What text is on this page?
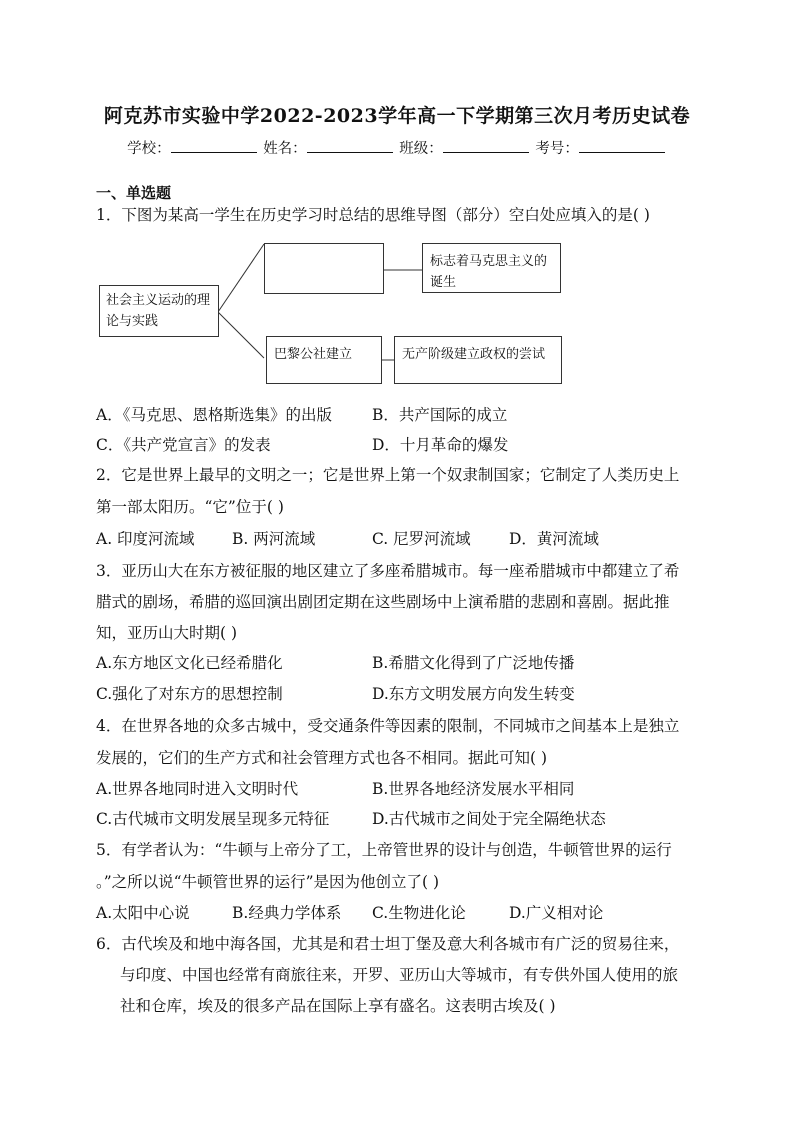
阿克苏市实验中学2022-2023学年高一下学期第三次月考历史试卷
学校：	姓名：	班级：	考号：
一、单选题
1．下图为某高一学生在历史学习时总结的思维导图（部分）空白处应填入的是( )
社会主义运动的理论与实践
标志着马克思主义的诞生
巴黎公社建立	无产阶级建立政权的尝试
A．《马克思、恩格斯选集》的出版	B．共产国际的成立
C．《共产党宣言》的发表	D．十月革命的爆发
2．它是世界上最早的文明之一；它是世界上第一个奴隶制国家；它制定了人类历史上
第一部太阳历。“它”位于( )
A. 印度河流域 B. 两河流域	C. 尼罗河流域 D．黄河流域
3．亚历山大在东方被征服的地区建立了多座希腊城市。每一座希腊城市中都建立了希
腊式的剧场，希腊的巡回演出剧团定期在这些剧场中上演希腊的悲剧和喜剧。据此推
知，亚历山大时期( )
A.东方地区文化已经希腊化	B.希腊文化得到了广泛地传播
C.强化了对东方的思想控制	D.东方文明发展方向发生转变
4．在世界各地的众多古城中，受交通条件等因素的限制，不同城市之间基本上是独立
发展的，它们的生产方式和社会管理方式也各不相同。据此可知( )
A.世界各地同时进入文明时代	B.世界各地经济发展水平相同
C.古代城市文明发展呈现多元特征	D.古代城市之间处于完全隔绝状态
5．有学者认为：“牛顿与上帝分了工，上帝管世界的设计与创造，牛顿管世界的运行
。”之所以说“牛顿管世界的运行”是因为他创立了( )
A.太阳中心说	B.经典力学体系 C.生物进化论	D.广义相对论
6．古代埃及和地中海各国，尤其是和君士坦丁堡及意大利各城市有广泛的贸易往来，
与印度、中国也经常有商旅往来，开罗、亚历山大等城市，有专供外国人使用的旅
社和仓库，埃及的很多产品在国际上享有盛名。这表明古埃及( )
